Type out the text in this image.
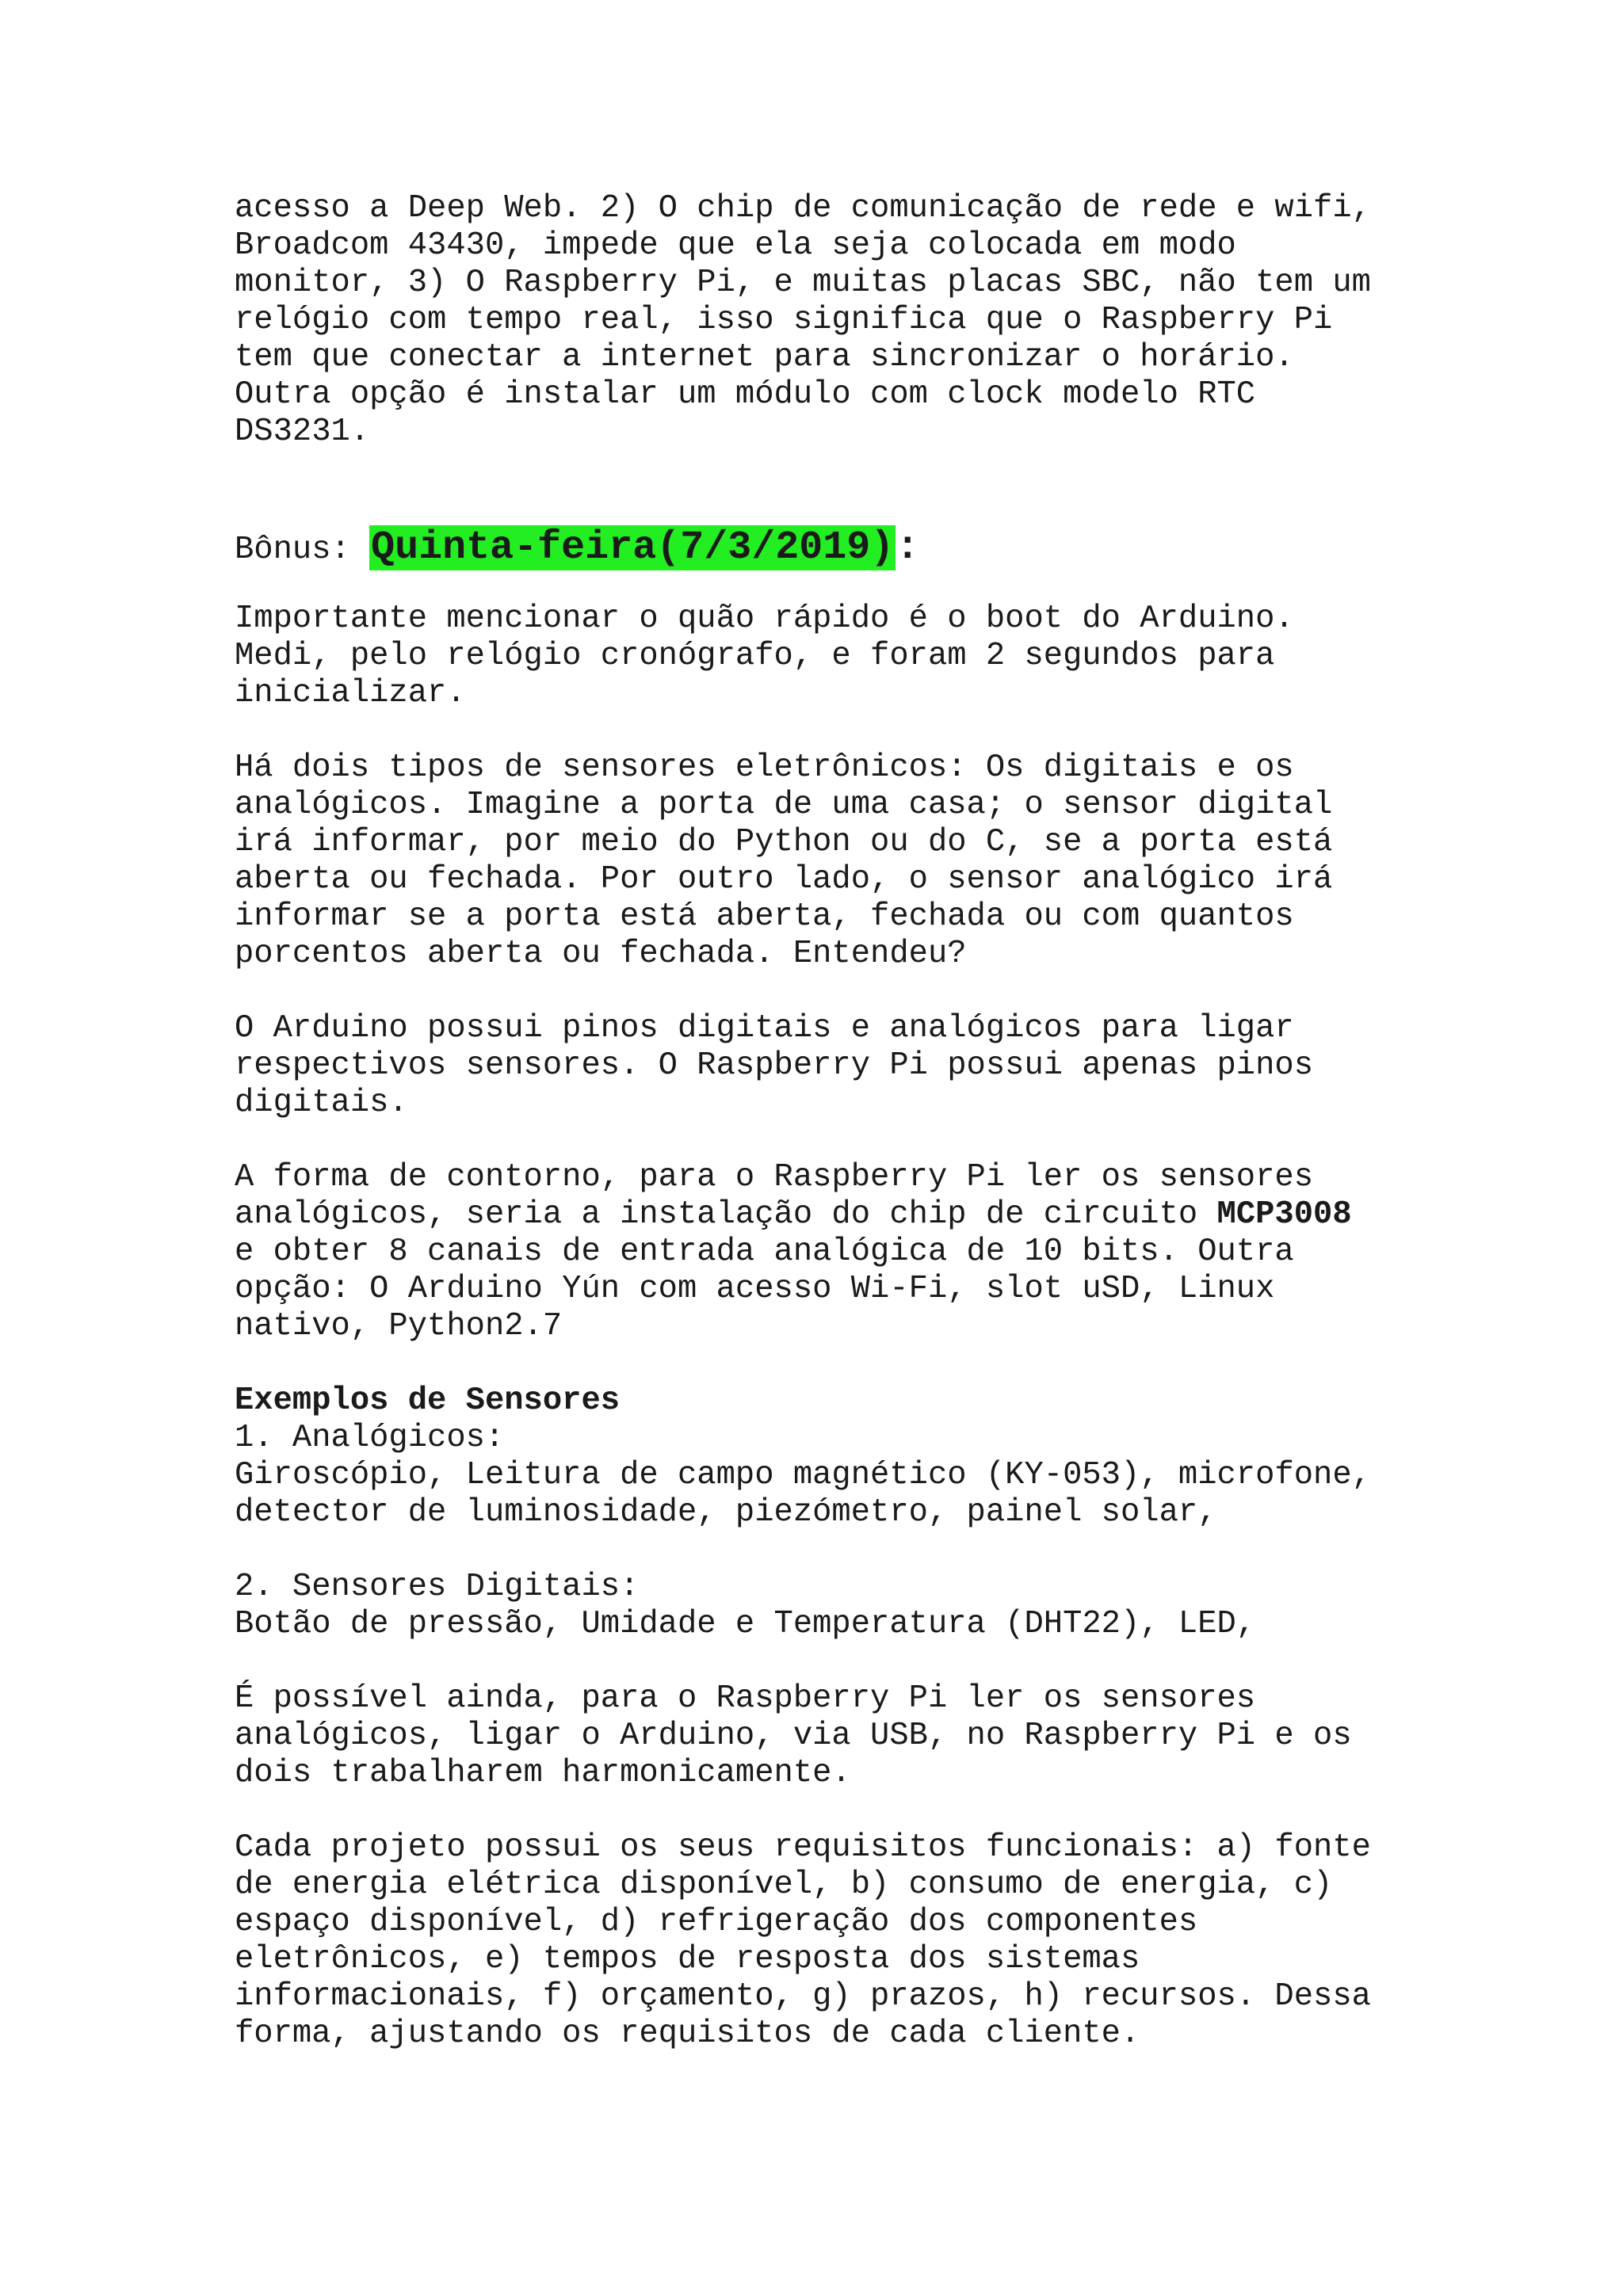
acesso a Deep Web. 2) O chip de comunicação de rede e wifi,
Broadcom 43430, impede que ela seja colocada em modo
monitor, 3) O Raspberry Pi, e muitas placas SBC, não tem um
relógio com tempo real, isso significa que o Raspberry Pi
tem que conectar a internet para sincronizar o horário.
Outra opção é instalar um módulo com clock modelo RTC
DS3231.
Bônus: Quinta-feira(7/3/2019):
Importante mencionar o quão rápido é o boot do Arduino.
Medi, pelo relógio cronógrafo, e foram 2 segundos para
inicializar.
Há dois tipos de sensores eletrônicos: Os digitais e os
analógicos. Imagine a porta de uma casa; o sensor digital
irá informar, por meio do Python ou do C, se a porta está
aberta ou fechada. Por outro lado, o sensor analógico irá
informar se a porta está aberta, fechada ou com quantos
porcentos aberta ou fechada. Entendeu?
O Arduino possui pinos digitais e analógicos para ligar
respectivos sensores. O Raspberry Pi possui apenas pinos
digitais.
A forma de contorno, para o Raspberry Pi ler os sensores
analógicos, seria a instalação do chip de circuito MCP3008
e obter 8 canais de entrada analógica de 10 bits. Outra
opção: O Arduino Yún com acesso Wi-Fi, slot uSD, Linux
nativo, Python2.7
Exemplos de Sensores
1. Analógicos:
Giroscópio, Leitura de campo magnético (KY-053), microfone,
detector de luminosidade, piezómetro, painel solar,
2. Sensores Digitais:
Botão de pressão, Umidade e Temperatura (DHT22), LED,
É possível ainda, para o Raspberry Pi ler os sensores
analógicos, ligar o Arduino, via USB, no Raspberry Pi e os
dois trabalharem harmonicamente.
Cada projeto possui os seus requisitos funcionais: a) fonte
de energia elétrica disponível, b) consumo de energia, c)
espaço disponível, d) refrigeração dos componentes
eletrônicos, e) tempos de resposta dos sistemas
informacionais, f) orçamento, g) prazos, h) recursos. Dessa
forma, ajustando os requisitos de cada cliente.
